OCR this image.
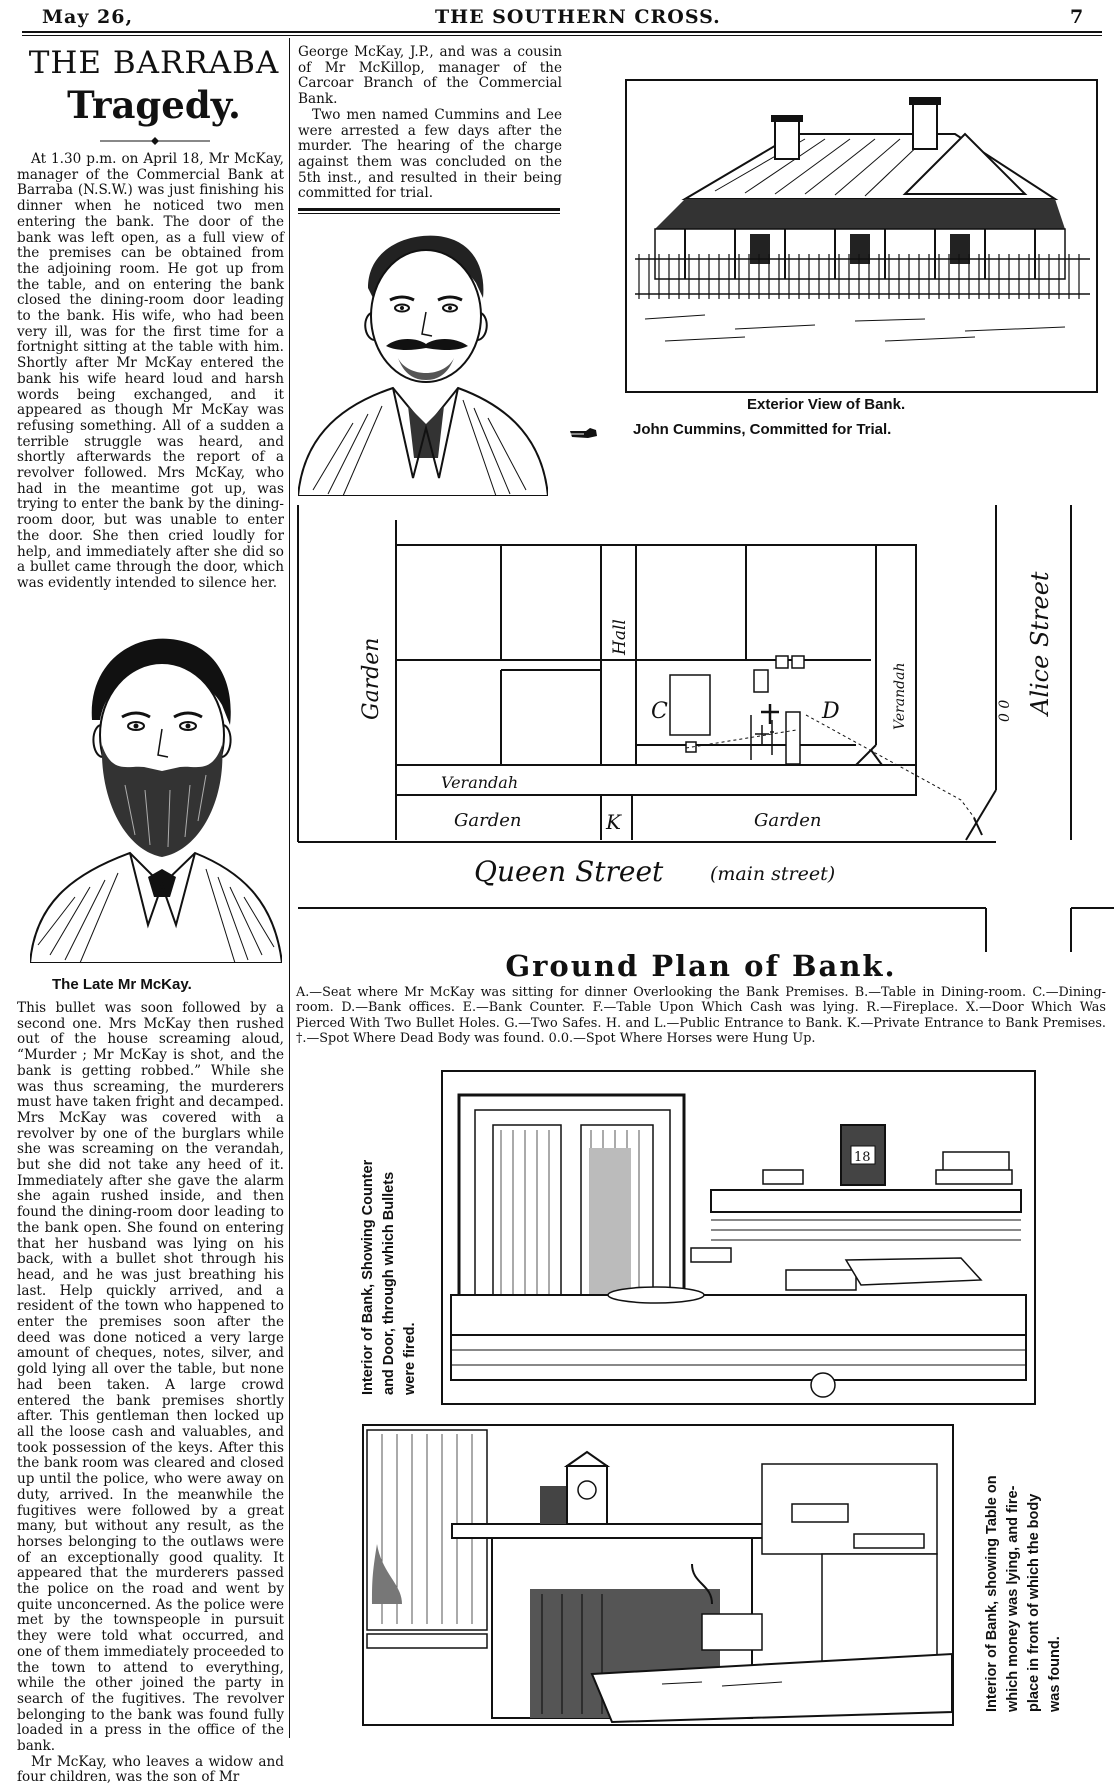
May 26,	THE SOUTHERN CROSS.	7
THE BARRABA
Tragedy.

At 1.30 p.m. on April 18, Mr McKay, manager of the Commercial Bank at Barraba (N.S.W.) was just finishing his dinner when he noticed two men entering the bank. The door of the bank was left open, as a full view of the premises can be obtained from the adjoining room. He got up from the table, and on entering the bank closed the dining-room door leading to the bank. His wife, who had been very ill, was for the first time for a fortnight sitting at the table with him. Shortly after Mr McKay entered the bank his wife heard loud and harsh words being exchanged, and it appeared as though Mr McKay was refusing something. All of a sudden a terrible struggle was heard, and shortly afterwards the report of a revolver followed. Mrs McKay, who had in the meantime got up, was trying to enter the bank by the dining-room door, but was unable to enter the door. She then cried loudly for help, and immediately after she did so a bullet came through the door, which was evidently intended to silence her.

The Late Mr McKay.

This bullet was soon followed by a second one. Mrs McKay then rushed out of the house screaming aloud, “Murder ; Mr McKay is shot, and the bank is getting robbed.” While she was thus screaming, the murderers must have taken fright and decamped. Mrs McKay was covered with a revolver by one of the burglars while she was screaming on the verandah, but she did not take any heed of it. Immediately after she gave the alarm she again rushed inside, and then found the dining-room door leading to the bank open. She found on entering that her husband was lying on his back, with a bullet shot through his head, and he was just breathing his last. Help quickly arrived, and a resident of the town who happened to enter the premises soon after the deed was done noticed a very large amount of cheques, notes, silver, and gold lying all over the table, but none had been taken. A large crowd entered the bank premises shortly after. This gentleman then locked up all the loose cash and valuables, and took possession of the keys. After this the bank room was cleared and closed up until the police, who were away on duty, arrived. In the meanwhile the fugitives were followed by a great many, but without any result, as the horses belonging to the outlaws were of an exceptionally good quality. It appeared that the murderers passed the police on the road and went by quite unconcerned. As the police were met by the townspeople in pursuit they were told what occurred, and one of them immediately proceeded to the town to attend to everything, while the other joined the party in search of the fugitives. The revolver belonging to the bank was found fully loaded in a press in the office of the bank.

Mr McKay, who leaves a widow and four children, was the son of Mr

George McKay, J.P., and was a cousin of Mr McKillop, manager of the Carcoar Branch of the Commercial Bank.

Two men named Cummins and Lee were arrested a few days after the murder. The hearing of the charge against them was concluded on the 5th inst., and resulted in their being committed for trial.

John Cummins, Committed for Trial.
Exterior View of Bank.
Garden
Hall	Alice Street
Verandah
Verandah
Garden	Garden
K
C	D	0 0
Queen Street (main street)
Ground Plan of Bank.
A.—Seat where Mr McKay was sitting for dinner Overlooking the Bank Premises. B.—Table in Dining-room. C.—Dining-room. D.—Bank offices. E.—Bank Counter. F.—Table Upon Which Cash was lying. R.—Fireplace. X.—Door Which Was Pierced With Two Bullet Holes. G.—Two Safes. H. and L.—Public Entrance to Bank. K.—Private Entrance to Bank Premises. †.—Spot Where Dead Body was found. 0.0.—Spot Where Horses were Hung Up.
Interior of Bank, Showing Counter and Door, through which Bullets were fired.
18
Interior of Bank, showing Table on which money was lying, and fire- place in front of which the body was found.
